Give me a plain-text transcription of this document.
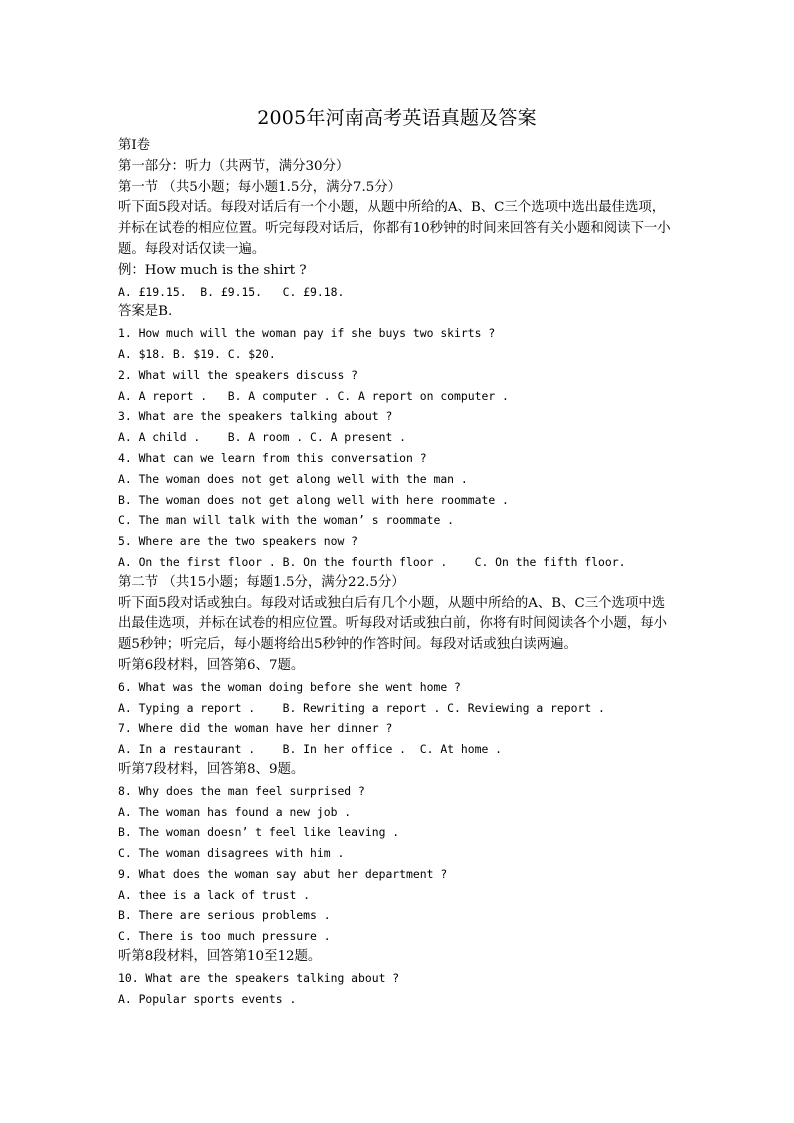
2005年河南高考英语真题及答案
第Ⅰ卷
第一部分：听力（共两节，满分30分）
第一节 （共5小题；每小题1.5分，满分7.5分）
听下面5段对话。每段对话后有一个小题，从题中所给的A、B、C三个选项中选出最佳选项，并标在试卷的相应位置。听完每段对话后，你都有10秒钟的时间来回答有关小题和阅读下一小题。每段对话仅读一遍。
例：How much is the shirt ?
A. £19.15.  B. £9.15.   C. £9.18.
答案是B.
1. How much will the woman pay if she buys two skirts ?
A. $18. B. $19. C. $20.
2. What will the speakers discuss ?
A. A report .   B. A computer . C. A report on computer .
3. What are the speakers talking about ?
A. A child .    B. A room . C. A present .
4. What can we learn from this conversation ?
A. The woman does not get along well with the man .
B. The woman does not get along well with here roommate .
C. The man will talk with the woman’ s roommate .
5. Where are the two speakers now ?
A. On the first floor . B. On the fourth floor .    C. On the fifth floor.
第二节 （共15小题；每题1.5分，满分22.5分）
听下面5段对话或独白。每段对话或独白后有几个小题，从题中所给的A、B、C三个选项中选出最佳选项，并标在试卷的相应位置。听每段对话或独白前，你将有时间阅读各个小题，每小题5秒钟；听完后，每小题将给出5秒钟的作答时间。每段对话或独白读两遍。
听第6段材料，回答第6、7题。
6. What was the woman doing before she went home ?
A. Typing a report .    B. Rewriting a report . C. Reviewing a report .
7. Where did the woman have her dinner ?
A. In a restaurant .    B. In her office .  C. At home .
听第7段材料，回答第8、9题。
8. Why does the man feel surprised ?
A. The woman has found a new job .
B. The woman doesn’ t feel like leaving .
C. The woman disagrees with him .
9. What does the woman say abut her department ?
A. thee is a lack of trust .
B. There are serious problems .
C. There is too much pressure .
听第8段材料，回答第10至12题。
10. What are the speakers talking about ?
A. Popular sports events .
